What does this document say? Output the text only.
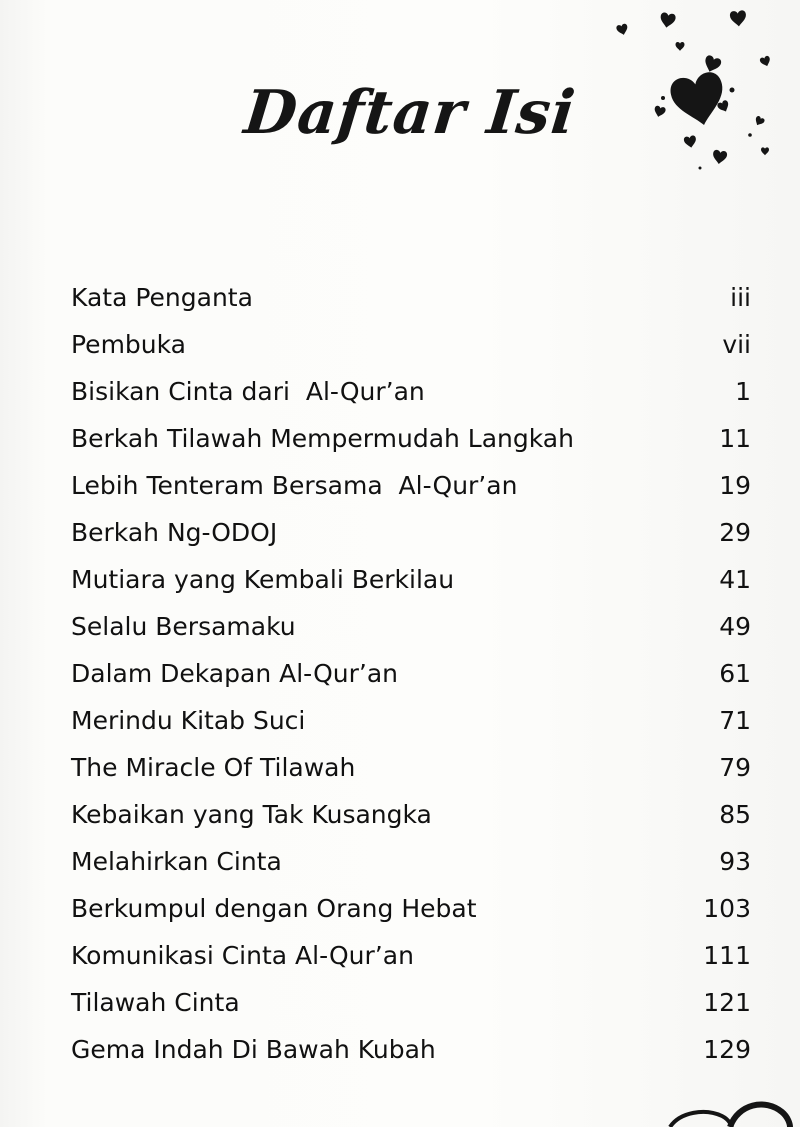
Daftar Isi
Kata Penganta	iii
Pembuka	vii
Bisikan Cinta dari  Al-Qur’an	1
Berkah Tilawah Mempermudah Langkah	11
Lebih Tenteram Bersama  Al-Qur’an	19
Berkah Ng-ODOJ	29
Mutiara yang Kembali Berkilau	41
Selalu Bersamaku	49
Dalam Dekapan Al-Qur’an	61
Merindu Kitab Suci	71
The Miracle Of Tilawah	79
Kebaikan yang Tak Kusangka	85
Melahirkan Cinta	93
Berkumpul dengan Orang Hebat	103
Komunikasi Cinta Al-Qur’an	111
Tilawah Cinta	121
Gema Indah Di Bawah Kubah	129
